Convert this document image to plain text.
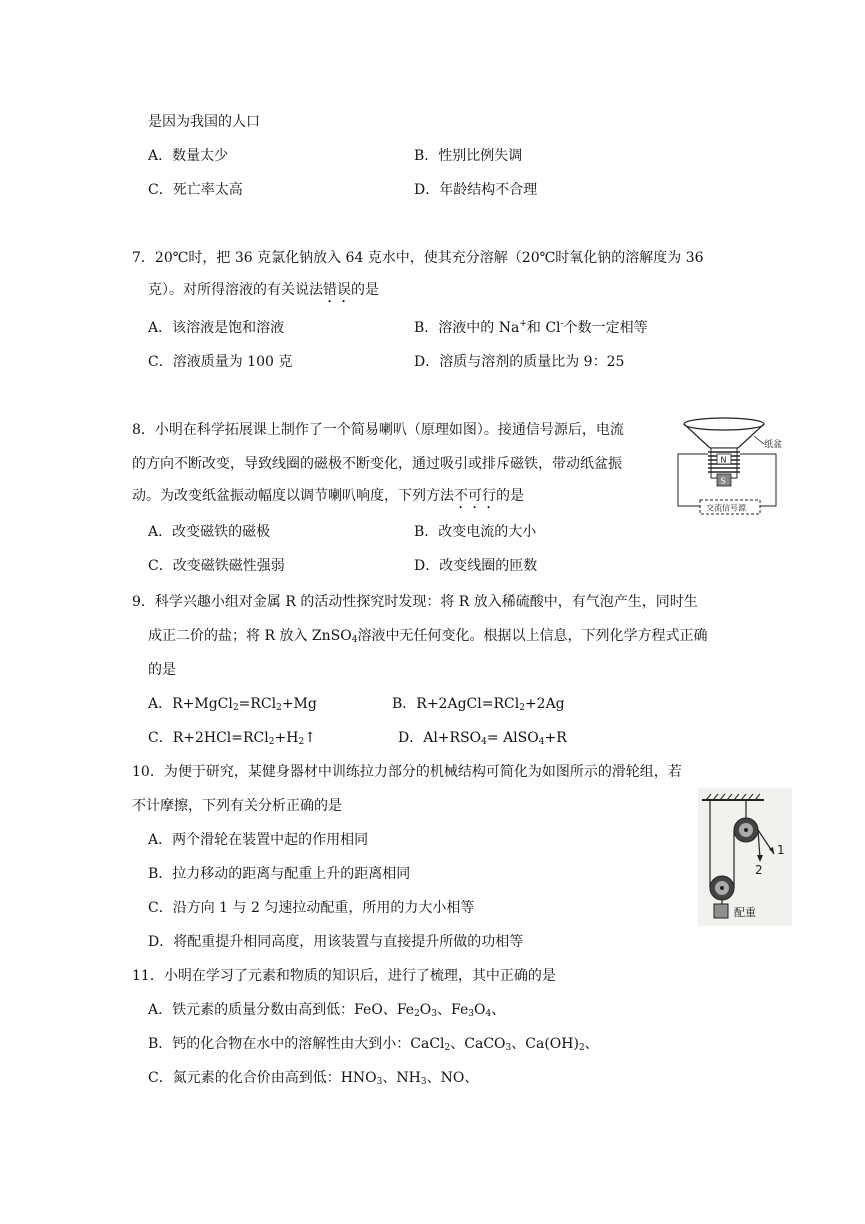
是因为我国的人口
A．数量太少	B．性别比例失调
C．死亡率太高	D．年龄结构不合理
7．20℃时，把 36 克氯化钠放入 64 克水中，使其充分溶解（20℃时氧化钠的溶解度为 36
克）。对所得溶液的有关说法错误的是
A．该溶液是饱和溶液	B．溶液中的 Na+和 Cl-个数一定相等
C．溶液质量为 100 克	D．溶质与溶剂的质量比为 9：25
8．小明在科学拓展课上制作了一个简易喇叭（原理如图）。接通信号源后，电流
的方向不断改变，导致线圈的磁极不断变化，通过吸引或排斥磁铁，带动纸盆振
动。为改变纸盆振动幅度以调节喇叭响度，下列方法不可行的是
A．改变磁铁的磁极	B．改变电流的大小
C．改变磁铁磁性强弱	D．改变线圈的匝数
纸盆
N
S
交流信号源
9．科学兴趣小组对金属 R 的活动性探究时发现：将 R 放入稀硫酸中，有气泡产生，同时生
成正二价的盐；将 R 放入 ZnSO$_4$溶液中无任何变化。根据以上信息，下列化学方程式正确
的是
A．R+MgCl$_2$=RCl$_2$+Mg	B．R+2AgCl=RCl$_2$+2Ag
C．$R+2HCl=RCl_2+H_2↑$	D．$Al+RSO_4=$ AlSO$_4$+R
10．为便于研究，某健身器材中训练拉力部分的机械结构可简化为如图所示的滑轮组，若
不计摩擦，下列有关分析正确的是
A．两个滑轮在装置中起的作用相同
B．拉力移动的距离与配重上升的距离相同
C．沿方向 1 与 2 匀速拉动配重，所用的力大小相等
D．将配重提升相同高度，用该装置与直接提升所做的功相等
配重
1
2
11．小明在学习了元素和物质的知识后，进行了梳理，其中正确的是
A．铁元素的质量分数由高到低：FeO、$Fe_2O_3$、$Fe_3O_4$、
B．钙的化合物在水中的溶解性由大到小：CaCl$_2$、CaCO$_3$、$Ca(OH)_2$、
C．氮元素的化合价由高到低：$HNO_3$、$NH_3$、NO、
